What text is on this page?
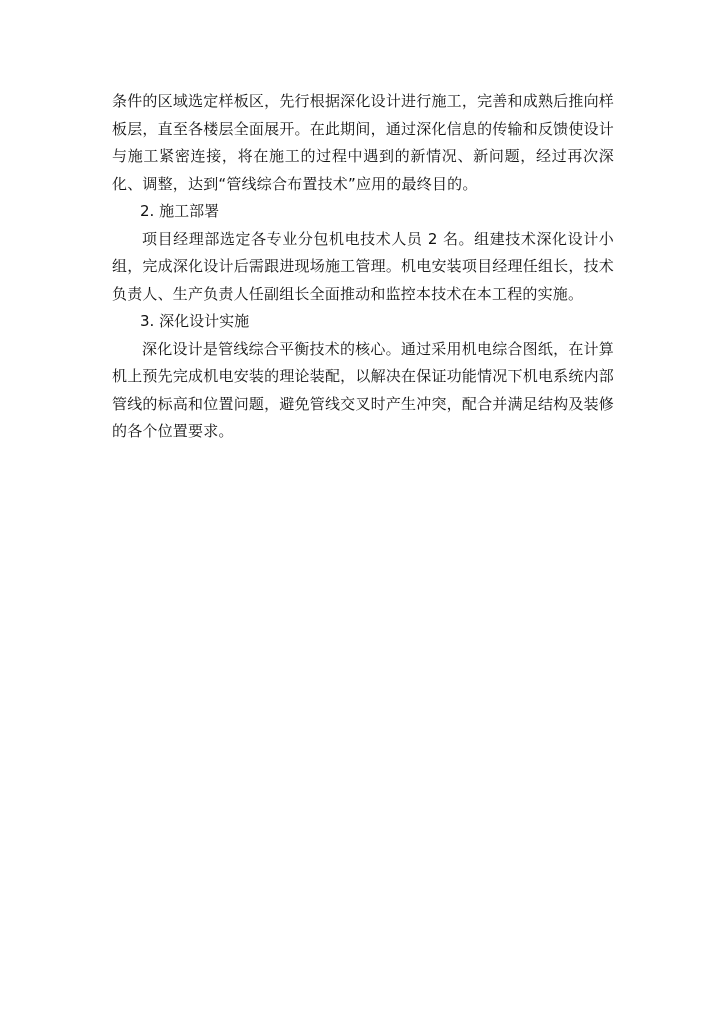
条件的区域选定样板区，先行根据深化设计进行施工，完善和成熟后推向样板层，直至各楼层全面展开。在此期间，通过深化信息的传输和反馈使设计与施工紧密连接，将在施工的过程中遇到的新情况、新问题，经过再次深化、调整，达到“管线综合布置技术”应用的最终目的。

2. 施工部署

项目经理部选定各专业分包机电技术人员 2 名。组建技术深化设计小组，完成深化设计后需跟进现场施工管理。机电安装项目经理任组长，技术负责人、生产负责人任副组长全面推动和监控本技术在本工程的实施。

3. 深化设计实施

深化设计是管线综合平衡技术的核心。通过采用机电综合图纸，在计算机上预先完成机电安装的理论装配，以解决在保证功能情况下机电系统内部管线的标高和位置问题，避免管线交叉时产生冲突，配合并满足结构及装修的各个位置要求。
